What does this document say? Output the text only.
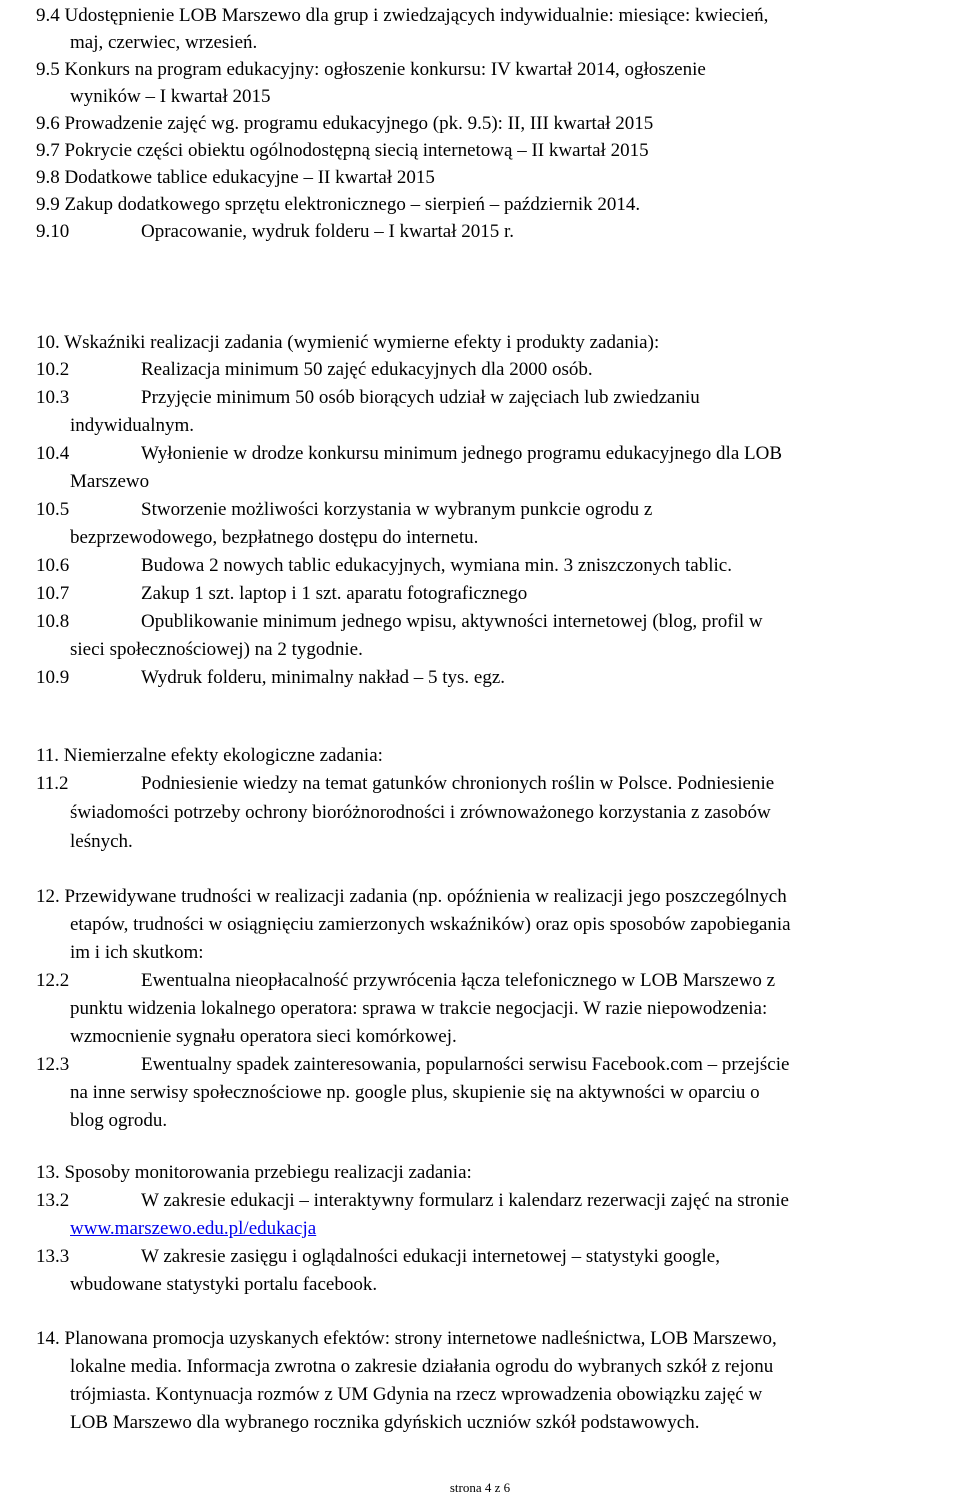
9.4 Udostępnienie LOB Marszewo dla grup i zwiedzających indywidualnie: miesiące: kwiecień,
maj, czerwiec, wrzesień.
9.5 Konkurs na program edukacyjny: ogłoszenie konkursu: IV kwartał 2014, ogłoszenie
wyników – I kwartał 2015
9.6 Prowadzenie zajęć wg. programu edukacyjnego (pk. 9.5): II, III kwartał 2015
9.7 Pokrycie części obiektu ogólnodostępną siecią internetową – II kwartał 2015
9.8 Dodatkowe tablice edukacyjne – II kwartał 2015
9.9 Zakup dodatkowego sprzętu elektronicznego – sierpień – październik 2014.
9.10	Opracowanie, wydruk folderu – I kwartał 2015 r.
10. Wskaźniki realizacji zadania (wymienić wymierne efekty i produkty zadania):
10.2	Realizacja minimum 50 zajęć edukacyjnych dla 2000 osób.
10.3	Przyjęcie minimum 50 osób biorących udział w zajęciach lub zwiedzaniu
indywidualnym.
10.4	Wyłonienie w drodze konkursu minimum jednego programu edukacyjnego dla LOB
Marszewo
10.5	Stworzenie możliwości korzystania w wybranym punkcie ogrodu z
bezprzewodowego, bezpłatnego dostępu do internetu.
10.6	Budowa 2 nowych tablic edukacyjnych, wymiana min. 3 zniszczonych tablic.
10.7	Zakup 1 szt. laptop i 1 szt. aparatu fotograficznego
10.8	Opublikowanie minimum jednego wpisu, aktywności internetowej (blog, profil w
sieci społecznościowej) na 2 tygodnie.
10.9	Wydruk folderu, minimalny nakład – 5 tys. egz.
11. Niemierzalne efekty ekologiczne zadania:
11.2	Podniesienie wiedzy na temat gatunków chronionych roślin w Polsce. Podniesienie
świadomości potrzeby ochrony bioróżnorodności i zrównoważonego korzystania z zasobów
leśnych.
12. Przewidywane trudności w realizacji zadania (np. opóźnienia w realizacji jego poszczególnych
etapów, trudności w osiągnięciu zamierzonych wskaźników) oraz opis sposobów zapobiegania
im i ich skutkom:
12.2	Ewentualna nieopłacalność przywrócenia łącza telefonicznego w LOB Marszewo z
punktu widzenia lokalnego operatora: sprawa w trakcie negocjacji. W razie niepowodzenia:
wzmocnienie sygnału operatora sieci komórkowej.
12.3	Ewentualny spadek zainteresowania, popularności serwisu Facebook.com – przejście
na inne serwisy społecznościowe np. google plus, skupienie się na aktywności w oparciu o
blog ogrodu.
13. Sposoby monitorowania przebiegu realizacji zadania:
13.2	W zakresie edukacji – interaktywny formularz i kalendarz rezerwacji zajęć na stronie
www.marszewo.edu.pl/edukacja
13.3	W zakresie zasięgu i oglądalności edukacji internetowej – statystyki google,
wbudowane statystyki portalu facebook.
14. Planowana promocja uzyskanych efektów: strony internetowe nadleśnictwa, LOB Marszewo,
lokalne media. Informacja zwrotna o zakresie działania ogrodu do wybranych szkół z rejonu
trójmiasta. Kontynuacja rozmów z UM Gdynia na rzecz wprowadzenia obowiązku zajęć w
LOB Marszewo dla wybranego rocznika gdyńskich uczniów szkół podstawowych.
strona 4 z 6
